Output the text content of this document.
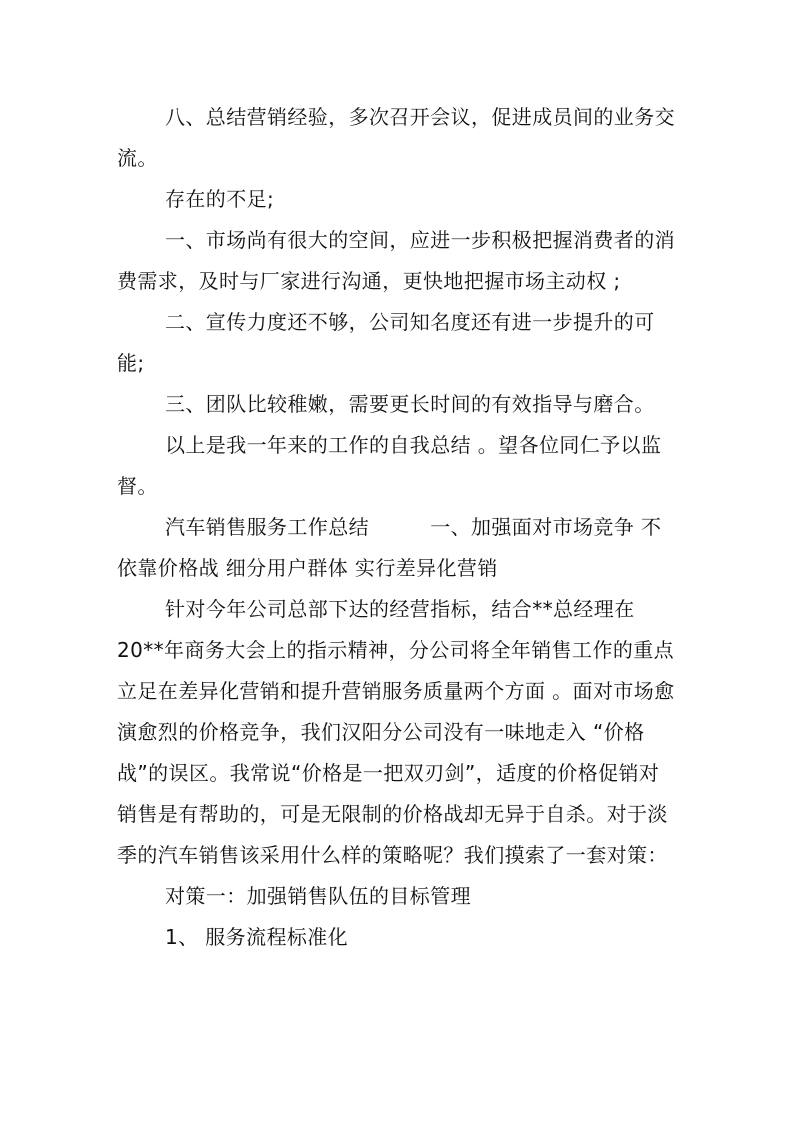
八、总结营销经验，多次召开会议，促进成员间的业务交流。

存在的不足;

一、市场尚有很大的空间，应进一步积极把握消费者的消费需求，及时与厂家进行沟通，更快地把握市场主动权 ;

二、宣传力度还不够，公司知名度还有进一步提升的可能;

三、团队比较稚嫩，需要更长时间的有效指导与磨合。

以上是我一年来的工作的自我总结 。望各位同仁予以监督。

汽车销售服务工作总结　　　一、加强面对市场竞争 不依靠价格战 细分用户群体 实行差异化营销

针对今年公司总部下达的经营指标，结合**总经理在 20**年商务大会上的指示精神，分公司将全年销售工作的重点立足在差异化营销和提升营销服务质量两个方面 。面对市场愈演愈烈的价格竞争，我们汉阳分公司没有一味地走入 “价格战”的误区。我常说“价格是一把双刃剑”，适度的价格促销对销售是有帮助的，可是无限制的价格战却无异于自杀。对于淡季的汽车销售该采用什么样的策略呢？我们摸索了一套对策：

对策一：加强销售队伍的目标管理

1、 服务流程标准化
